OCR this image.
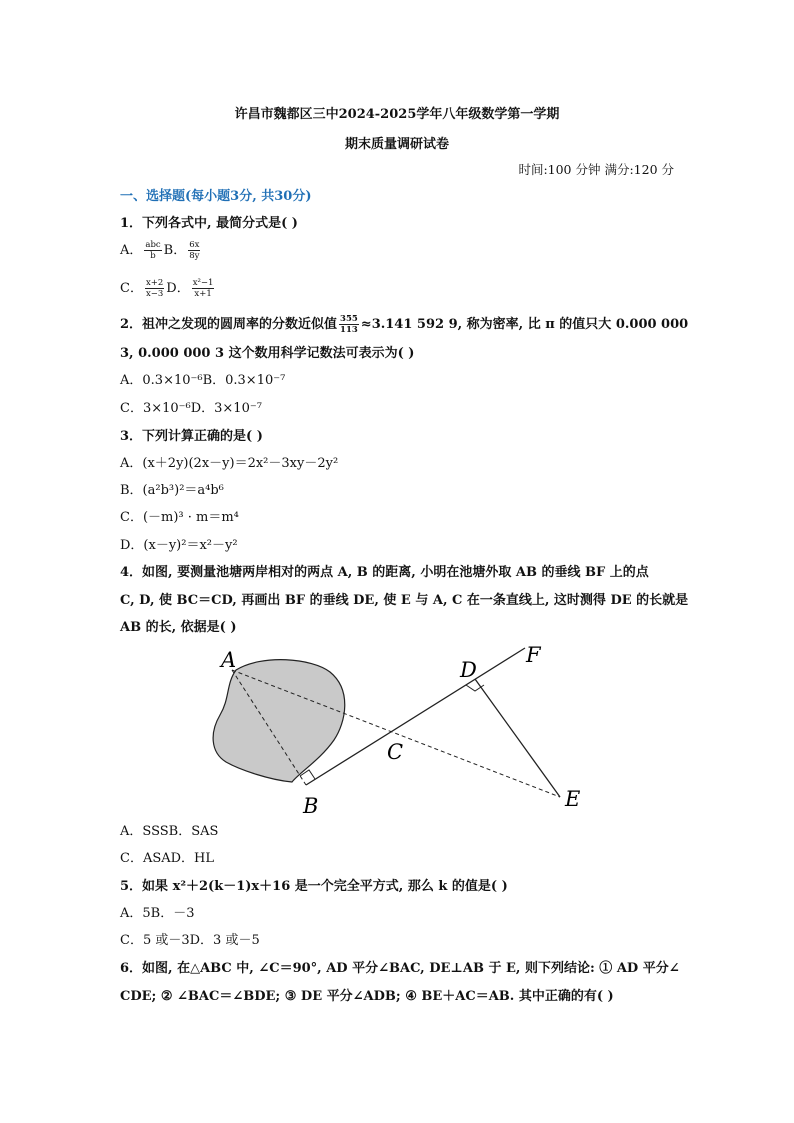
许昌市魏都区三中2024-2025学年八年级数学第一学期
期末质量调研试卷
时间:100 分钟 满分:120 分
一、选择题(每小题3分, 共30分)
1．下列各式中, 最简分式是( )
A． $\frac{\text{abc}}{b}$ B． $\frac{6x}{8y}$
C． $\frac{x+2}{x-3}$ D． $\frac{\text{x²−1}}{x+1}$
2．祖冲之发现的圆周率的分数近似值 $\frac{355}{113} \approx 3.141$ 592 9, 称为密率, 比 π 的值只大 0.000 000
3, 0.000 000 3 这个数用科学记数法可表示为( )
A．0.3×10⁻⁶B．0.3×10⁻⁷
C．3×10⁻⁶D．3×10⁻⁷
3．下列计算正确的是( )
A．(x＋2y)(2x－y)＝2x²－3xy－2y²
B．(a²b³)²＝a⁴b⁶
C．(－m)³ · m＝m⁴
D．(x－y)²＝x²－y²
4．如图, 要测量池塘两岸相对的两点 A, B 的距离, 小明在池塘外取 AB 的垂线 BF 上的点
C, D, 使 BC＝CD, 再画出 BF 的垂线 DE, 使 E 与 A, C 在一条直线上, 这时测得 DE 的长就是
AB 的长, 依据是( )
A
B
C
D
E
F
A．SSSB．SAS
C．ASAD．HL
5．如果 x²＋2(k－1)x＋16 是一个完全平方式, 那么 k 的值是( )
A．5B．－3
C．5 或－3D．3 或－5
6．如图, 在△ABC 中, ∠C＝90°, AD 平分∠BAC, DE⊥AB 于 E, 则下列结论: ① AD 平分∠
CDE; ② ∠BAC＝∠BDE; ③ DE 平分∠ADB; ④ BE＋AC＝AB. 其中正确的有( )
